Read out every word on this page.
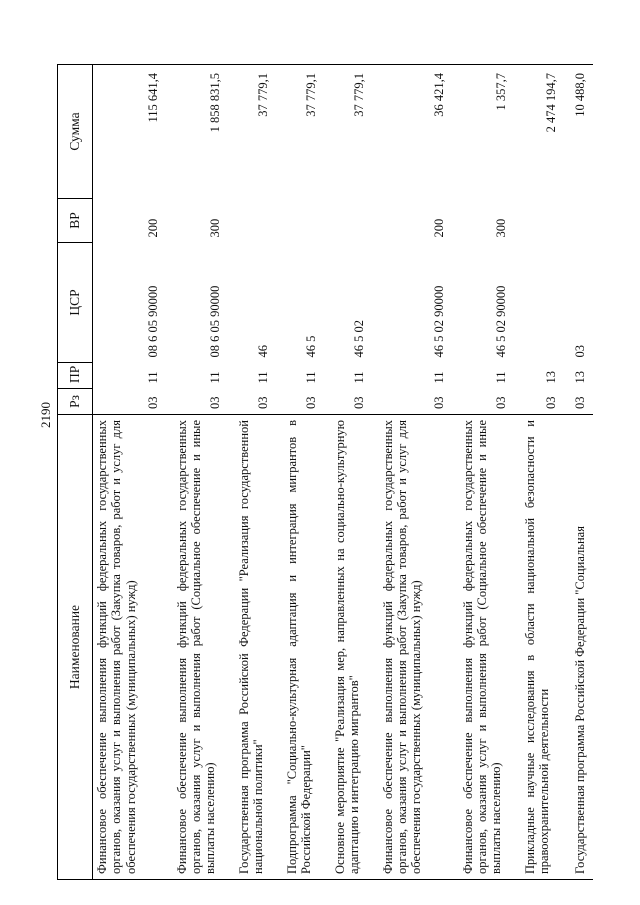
2190
Наименование	Рз	ПР	ЦСР	ВР	Сумма
Финансовое обеспечение выполнения функций федеральных государственных органов, оказания услуг и выполнения работ (Закупка товаров, работ и услуг для обеспечения государственных (муниципальных) нужд)	03	11	08 6 05 90000	200	115 641,4
Финансовое обеспечение выполнения функций федеральных государственных органов, оказания услуг и выполнения работ (Социальное обеспечение и иные выплаты населению)	03	11	08 6 05 90000	300	1 858 831,5
Государственная программа Российской Федерации "Реализация государственной национальной политики"	03	11	46		37 779,1
Подпрограмма "Социально-культурная адаптация и интеграция мигрантов в Российской Федерации"	03	11	46 5		37 779,1
Основное мероприятие "Реализация мер, направленных на социально-культурную адаптацию и интеграцию мигрантов"	03	11	46 5 02		37 779,1
Финансовое обеспечение выполнения функций федеральных государственных органов, оказания услуг и выполнения работ (Закупка товаров, работ и услуг для обеспечения государственных (муниципальных) нужд)	03	11	46 5 02 90000	200	36 421,4
Финансовое обеспечение выполнения функций федеральных государственных органов, оказания услуг и выполнения работ (Социальное обеспечение и иные выплаты населению)	03	11	46 5 02 90000	300	1 357,7
Прикладные научные исследования в области национальной безопасности и правоохранительной деятельности	03	13			2 474 194,7
Государственная программа Российской Федерации "Социальная	03	13	03		10 488,0
